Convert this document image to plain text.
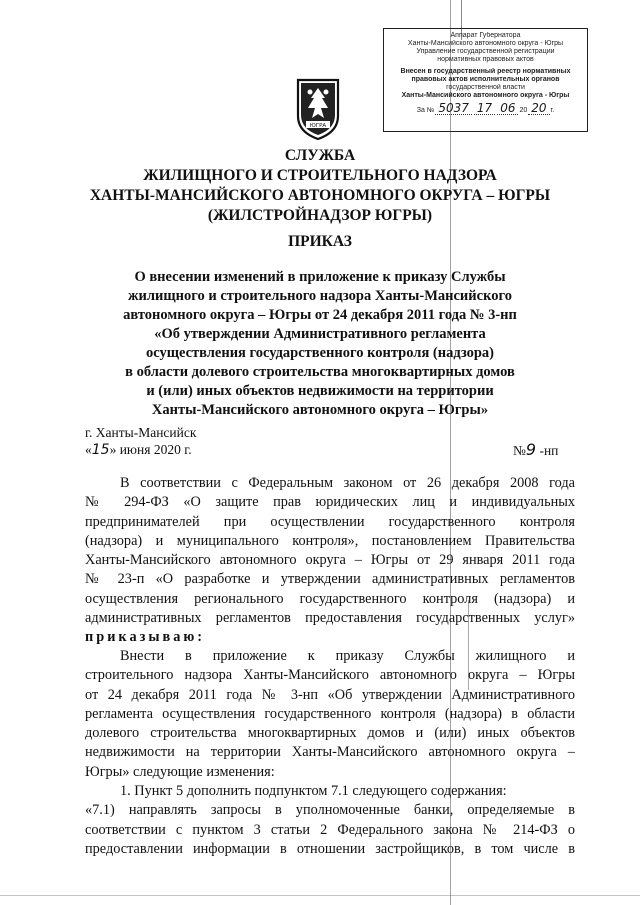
Аппарат Губернатора
Ханты-Мансийского автономного округа - Югры
Управление государственной регистрации
нормативных правовых актов
Внесен в государственный реестр нормативных
правовых актов исполнительных органов
государственной власти
Ханты-Мансийского автономного округа - Югры
За № 5037 17 06 20 20 г.
ЮГРА
СЛУЖБА
ЖИЛИЩНОГО И СТРОИТЕЛЬНОГО НАДЗОРА
ХАНТЫ-МАНСИЙСКОГО АВТОНОМНОГО ОКРУГА – ЮГРЫ
(ЖИЛСТРОЙНАДЗОР ЮГРЫ)
ПРИКАЗ
О внесении изменений в приложение к приказу Службы
жилищного и строительного надзора Ханты-Мансийского
автономного округа – Югры от 24 декабря 2011 года № 3-нп
«Об утверждении Административного регламента
осуществления государственного контроля (надзора)
в области долевого строительства многоквартирных домов
и (или) иных объектов недвижимости на территории
Ханты-Мансийского автономного округа – Югры»
г. Ханты-Мансийск
«15» июня 2020 г.	№9 -нп
В соответствии с Федеральным законом от 26 декабря 2008 года
№ 294-ФЗ «О защите прав юридических лиц и индивидуальных
предпринимателей при осуществлении государственного контроля
(надзора) и муниципального контроля», постановлением Правительства
Ханты-Мансийского автономного округа – Югры от 29 января 2011 года
№ 23-п «О разработке и утверждении административных регламентов
осуществления регионального государственного контроля (надзора) и
административных регламентов предоставления государственных услуг»
приказываю:
Внести в приложение к приказу Службы жилищного и
строительного надзора Ханты-Мансийского автономного округа – Югры
от 24 декабря 2011 года № 3-нп «Об утверждении Административного
регламента осуществления государственного контроля (надзора) в области
долевого строительства многоквартирных домов и (или) иных объектов
недвижимости на территории Ханты-Мансийского автономного округа –
Югры» следующие изменения:
1. Пункт 5 дополнить подпунктом 7.1 следующего содержания:
«7.1) направлять запросы в уполномоченные банки, определяемые в
соответствии с пунктом 3 статьи 2 Федерального закона № 214-ФЗ о
предоставлении информации в отношении застройщиков, в том числе в
